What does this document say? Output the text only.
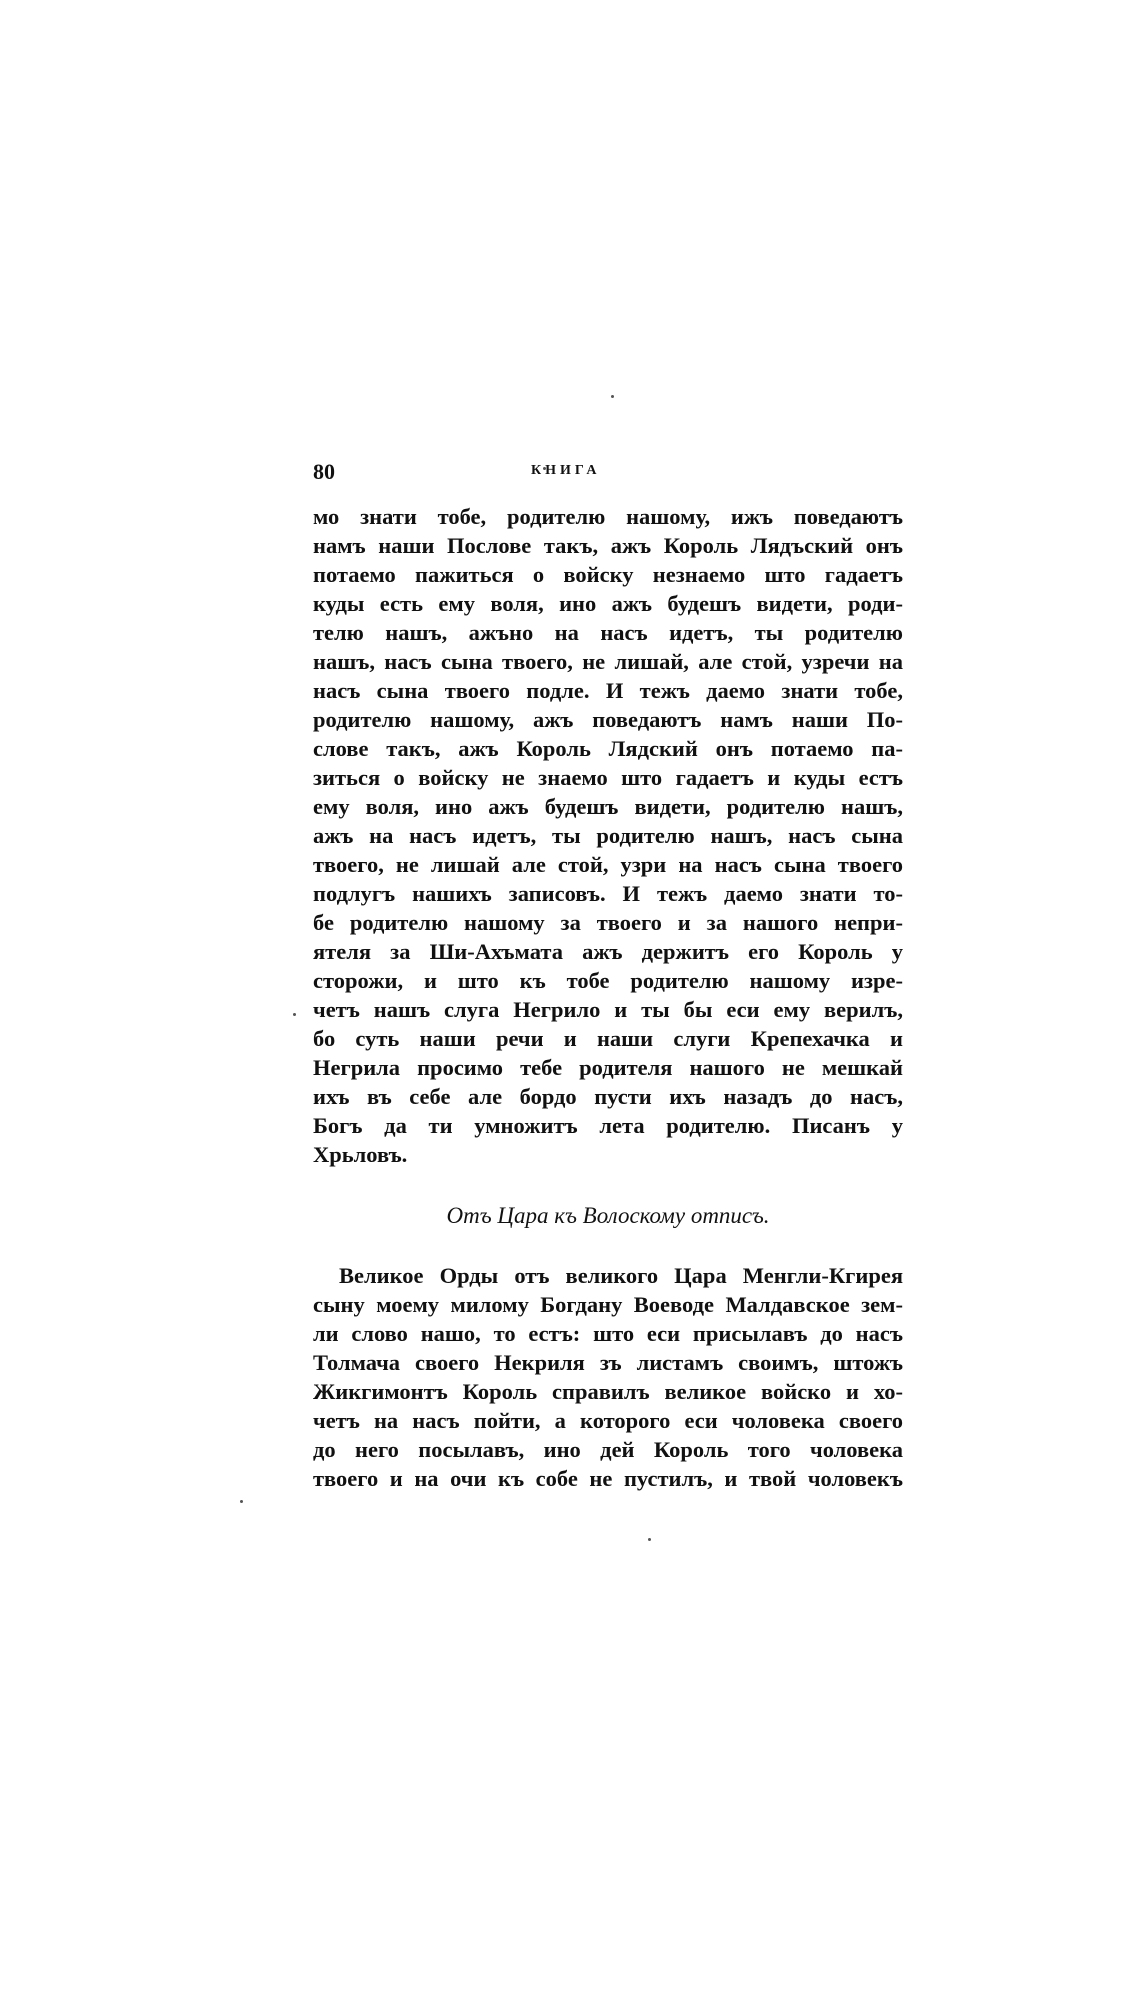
80	КНИГА
мо знати тобе, родителю нашому, ижъ поведаютъ
намъ наши Послове такъ, ажъ Король Лядъский онъ
потаемо пажиться о войску незнаемо што гадаетъ
куды есть ему воля, ино ажъ будешъ видети, роди-
телю нашъ, ажъно на насъ идетъ, ты родителю
нашъ, насъ сына твоего, не лишай, але стой, узречи на
насъ сына твоего подле. И тежъ даемо знати тобе,
родителю нашому, ажъ поведаютъ намъ наши По-
слове такъ, ажъ Король Лядский онъ потаемо па-
зиться о войску не знаемо што гадаетъ и куды естъ
ему воля, ино ажъ будешъ видети, родителю нашъ,
ажъ на насъ идетъ, ты родителю нашъ, насъ сына
твоего, не лишай але стой, узри на насъ сына твоего
подлугъ нашихъ записовъ. И тежъ даемо знати то-
бе родителю нашому за твоего и за нашого непри-
ятеля за Ши-Ахъмата ажъ держитъ его Король у
сторожи, и што къ тобе родителю нашому изре-
четъ нашъ слуга Негрило и ты бы еси ему верилъ,
бо суть наши речи и наши слуги Крепехачка и
Негрила просимо тебе родителя нашого не мешкай
ихъ въ себе але бордо пусти ихъ назадъ до насъ,
Богъ да ти умножитъ лета родителю. Писанъ у
Хрьловъ.
Отъ Цара къ Волоскому отписъ.
Великое Орды отъ великого Цара Менгли-Кгирея
сыну моему милому Богдану Воеводе Малдавское зем-
ли слово нашо, то естъ: што еси присылавъ до насъ
Толмача своего Некриля зъ листамъ своимъ, штожъ
Жикгимонтъ Король справилъ великое войско и хо-
четъ на насъ пойти, а которого еси чоловека своего
до него посылавъ, ино дей Король того чоловека
твоего и на очи къ собе не пустилъ, и твой чоловекъ
